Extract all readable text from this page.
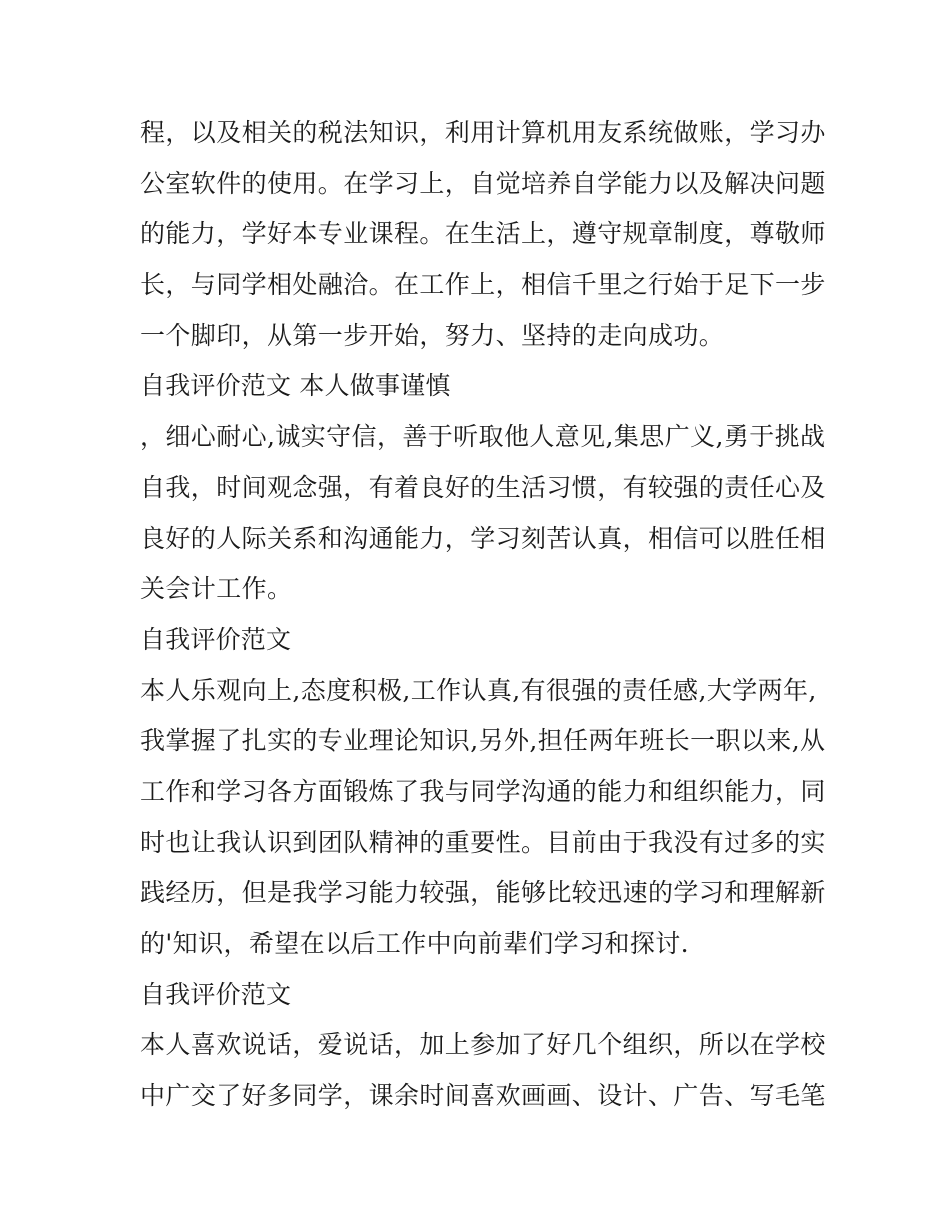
程，以及相关的税法知识，利用计算机用友系统做账，学习办
公室软件的使用。在学习上，自觉培养自学能力以及解决问题
的能力，学好本专业课程。在生活上，遵守规章制度，尊敬师
长，与同学相处融洽。在工作上，相信千里之行始于足下一步
一个脚印，从第一步开始，努力、坚持的走向成功。
自我评价范文 本人做事谨慎
，细心耐心,诚实守信，善于听取他人意见,集思广义,勇于挑战
自我，时间观念强，有着良好的生活习惯，有较强的责任心及
良好的人际关系和沟通能力，学习刻苦认真，相信可以胜任相
关会计工作。
自我评价范文
本人乐观向上,态度积极,工作认真,有很强的责任感,大学两年,
我掌握了扎实的专业理论知识,另外,担任两年班长一职以来,从
工作和学习各方面锻炼了我与同学沟通的能力和组织能力，同
时也让我认识到团队精神的重要性。目前由于我没有过多的实
践经历，但是我学习能力较强，能够比较迅速的学习和理解新
的'知识，希望在以后工作中向前辈们学习和探讨.
自我评价范文
本人喜欢说话，爱说话，加上参加了好几个组织，所以在学校
中广交了好多同学，课余时间喜欢画画、设计、广告、写毛笔
